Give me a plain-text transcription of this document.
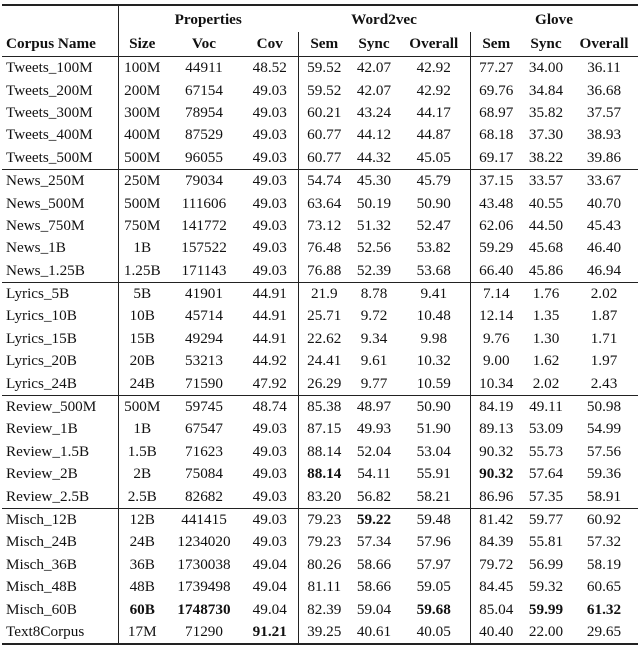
	Properties			Word2vec			Glove		
Corpus Name	Size	Voc	Cov	Sem	Sync	Overall	Sem	Sync	Overall
Tweets_100M	100M	44911	48.52	59.52	42.07	42.92	77.27	34.00	36.11
Tweets_200M	200M	67154	49.03	59.52	42.07	42.92	69.76	34.84	36.68
Tweets_300M	300M	78954	49.03	60.21	43.24	44.17	68.97	35.82	37.57
Tweets_400M	400M	87529	49.03	60.77	44.12	44.87	68.18	37.30	38.93
Tweets_500M	500M	96055	49.03	60.77	44.32	45.05	69.17	38.22	39.86
News_250M	250M	79034	49.03	54.74	45.30	45.79	37.15	33.57	33.67
News_500M	500M	111606	49.03	63.64	50.19	50.90	43.48	40.55	40.70
News_750M	750M	141772	49.03	73.12	51.32	52.47	62.06	44.50	45.43
News_1B	1B	157522	49.03	76.48	52.56	53.82	59.29	45.68	46.40
News_1.25B	1.25B	171143	49.03	76.88	52.39	53.68	66.40	45.86	46.94
Lyrics_5B	5B	41901	44.91	21.9	8.78	9.41	7.14	1.76	2.02
Lyrics_10B	10B	45714	44.91	25.71	9.72	10.48	12.14	1.35	1.87
Lyrics_15B	15B	49294	44.91	22.62	9.34	9.98	9.76	1.30	1.71
Lyrics_20B	20B	53213	44.92	24.41	9.61	10.32	9.00	1.62	1.97
Lyrics_24B	24B	71590	47.92	26.29	9.77	10.59	10.34	2.02	2.43
Review_500M	500M	59745	48.74	85.38	48.97	50.90	84.19	49.11	50.98
Review_1B	1B	67547	49.03	87.15	49.93	51.90	89.13	53.09	54.99
Review_1.5B	1.5B	71623	49.03	88.14	52.04	53.04	90.32	55.73	57.56
Review_2B	2B	75084	49.03	88.14	54.11	55.91	90.32	57.64	59.36
Review_2.5B	2.5B	82682	49.03	83.20	56.82	58.21	86.96	57.35	58.91
Misch_12B	12B	441415	49.03	79.23	59.22	59.48	81.42	59.77	60.92
Misch_24B	24B	1234020	49.03	79.23	57.34	57.96	84.39	55.81	57.32
Misch_36B	36B	1730038	49.04	80.26	58.66	57.97	79.72	56.99	58.19
Misch_48B	48B	1739498	49.04	81.11	58.66	59.05	84.45	59.32	60.65
Misch_60B	60B	1748730	49.04	82.39	59.04	59.68	85.04	59.99	61.32
Text8Corpus	17M	71290	91.21	39.25	40.61	40.05	40.40	22.00	29.65
